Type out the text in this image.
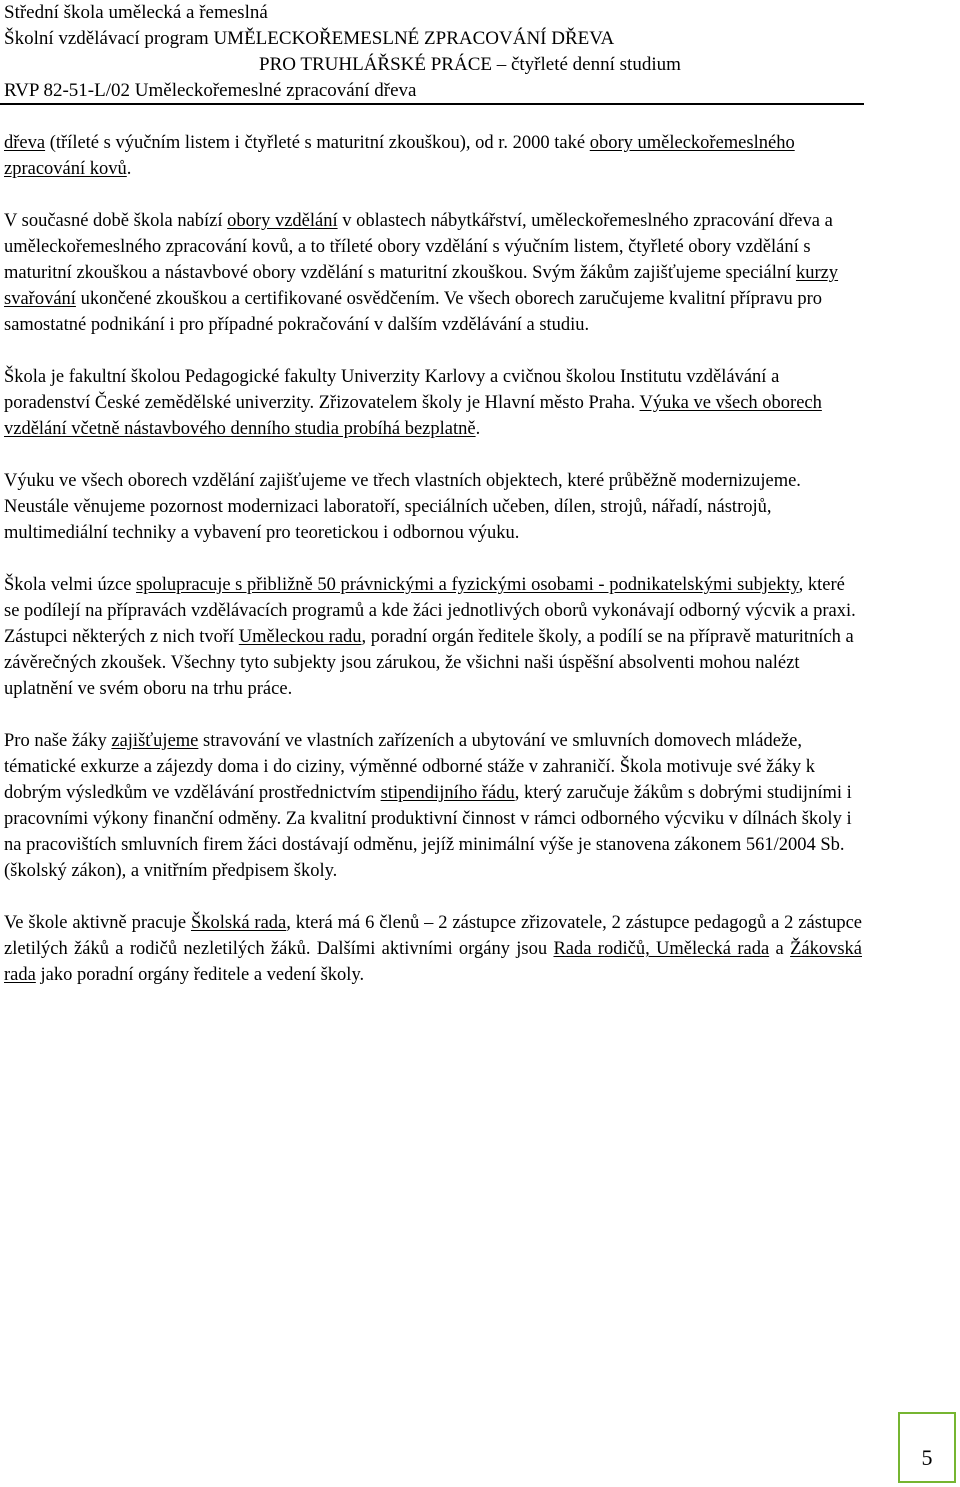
Střední škola umělecká a řemeslná
Školní vzdělávací program UMĚLECKOŘEMESLNÉ ZPRACOVÁNÍ DŘEVA
PRO TRUHLÁŘSKÉ PRÁCE – čtyřleté denní studium
RVP 82-51-L/02 Uměleckořemeslné zpracování dřeva

dřeva (tříleté s výučním listem i čtyřleté s maturitní zkouškou), od r. 2000 také obory uměleckořemeslného zpracování kovů.

V současné době škola nabízí obory vzdělání v oblastech nábytkářství, uměleckořemeslného zpracování dřeva a uměleckořemeslného zpracování kovů, a to tříleté obory vzdělání s výučním listem, čtyřleté obory vzdělání s maturitní zkouškou a nástavbové obory vzdělání s maturitní zkouškou. Svým žákům zajišťujeme speciální kurzy svařování ukončené zkouškou a certifikované osvědčením. Ve všech oborech zaručujeme kvalitní přípravu pro samostatné podnikání i pro případné pokračování v dalším vzdělávání a studiu.

Škola je fakultní školou Pedagogické fakulty Univerzity Karlovy a cvičnou školou Institutu vzdělávání a poradenství České zemědělské univerzity. Zřizovatelem školy je Hlavní město Praha. Výuka ve všech oborech vzdělání včetně nástavbového denního studia probíhá bezplatně.

Výuku ve všech oborech vzdělání zajišťujeme ve třech vlastních objektech, které průběžně modernizujeme. Neustále věnujeme pozornost modernizaci laboratoří, speciálních učeben, dílen, strojů, nářadí, nástrojů, multimediální techniky a vybavení pro teoretickou i odbornou výuku.

Škola velmi úzce spolupracuje s přibližně 50 právnickými a fyzickými osobami - podnikatelskými subjekty, které se podílejí na přípravách vzdělávacích programů a kde žáci jednotlivých oborů vykonávají odborný výcvik a praxi. Zástupci některých z nich tvoří Uměleckou radu, poradní orgán ředitele školy, a podílí se na přípravě maturitních a závěrečných zkoušek. Všechny tyto subjekty jsou zárukou, že všichni naši úspěšní absolventi mohou nalézt uplatnění ve svém oboru na trhu práce.

Pro naše žáky zajišťujeme stravování ve vlastních zařízeních a ubytování ve smluvních domovech mládeže, tématické exkurze a zájezdy doma i do ciziny, výměnné odborné stáže v zahraničí. Škola motivuje své žáky k dobrým výsledkům ve vzdělávání prostřednictvím stipendijního řádu, který zaručuje žákům s dobrými studijními i pracovními výkony finanční odměny. Za kvalitní produktivní činnost v rámci odborného výcviku v dílnách školy i na pracovištích smluvních firem žáci dostávají odměnu, jejíž minimální výše je stanovena zákonem 561/2004 Sb. (školský zákon), a vnitřním předpisem školy.

Ve škole aktivně pracuje Školská rada, která má 6 členů – 2 zástupce zřizovatele, 2 zástupce pedagogů a 2 zástupce zletilých žáků a rodičů nezletilých žáků. Dalšími aktivními orgány jsou Rada rodičů, Umělecká rada a Žákovská rada jako poradní orgány ředitele a vedení školy.

5
